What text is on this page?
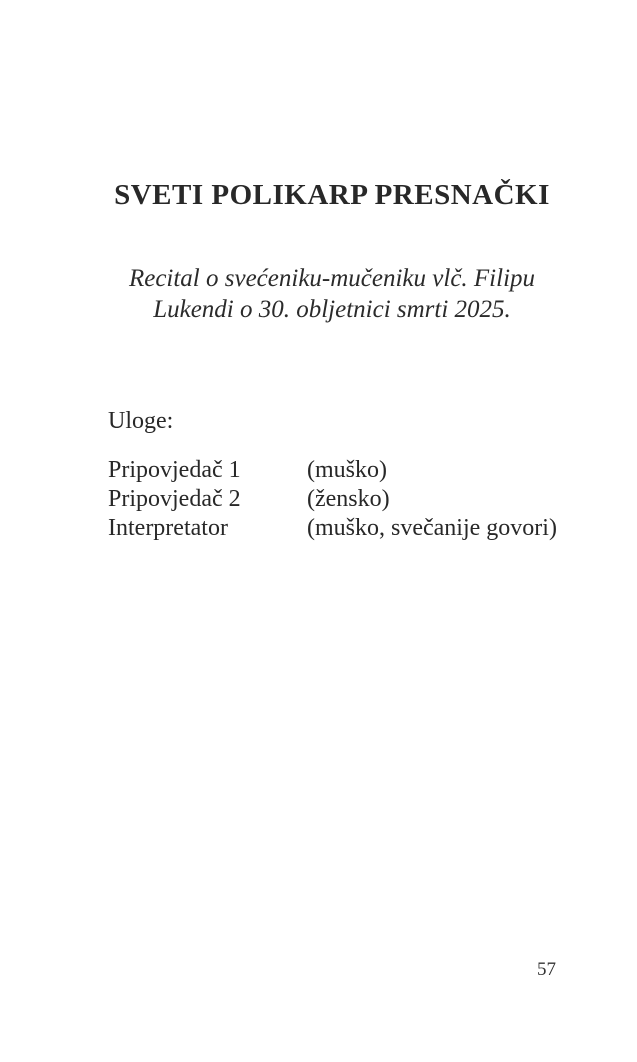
SVETI POLIKARP PRESNAČKI
Recital o svećeniku-mučeniku vlč. Filipu
Lukendi o 30. obljetnici smrti 2025.
Uloge:
Pripovjedač 1	(muško)
Pripovjedač 2	(žensko)
Interpretator	(muško, svečanije govori)
57
